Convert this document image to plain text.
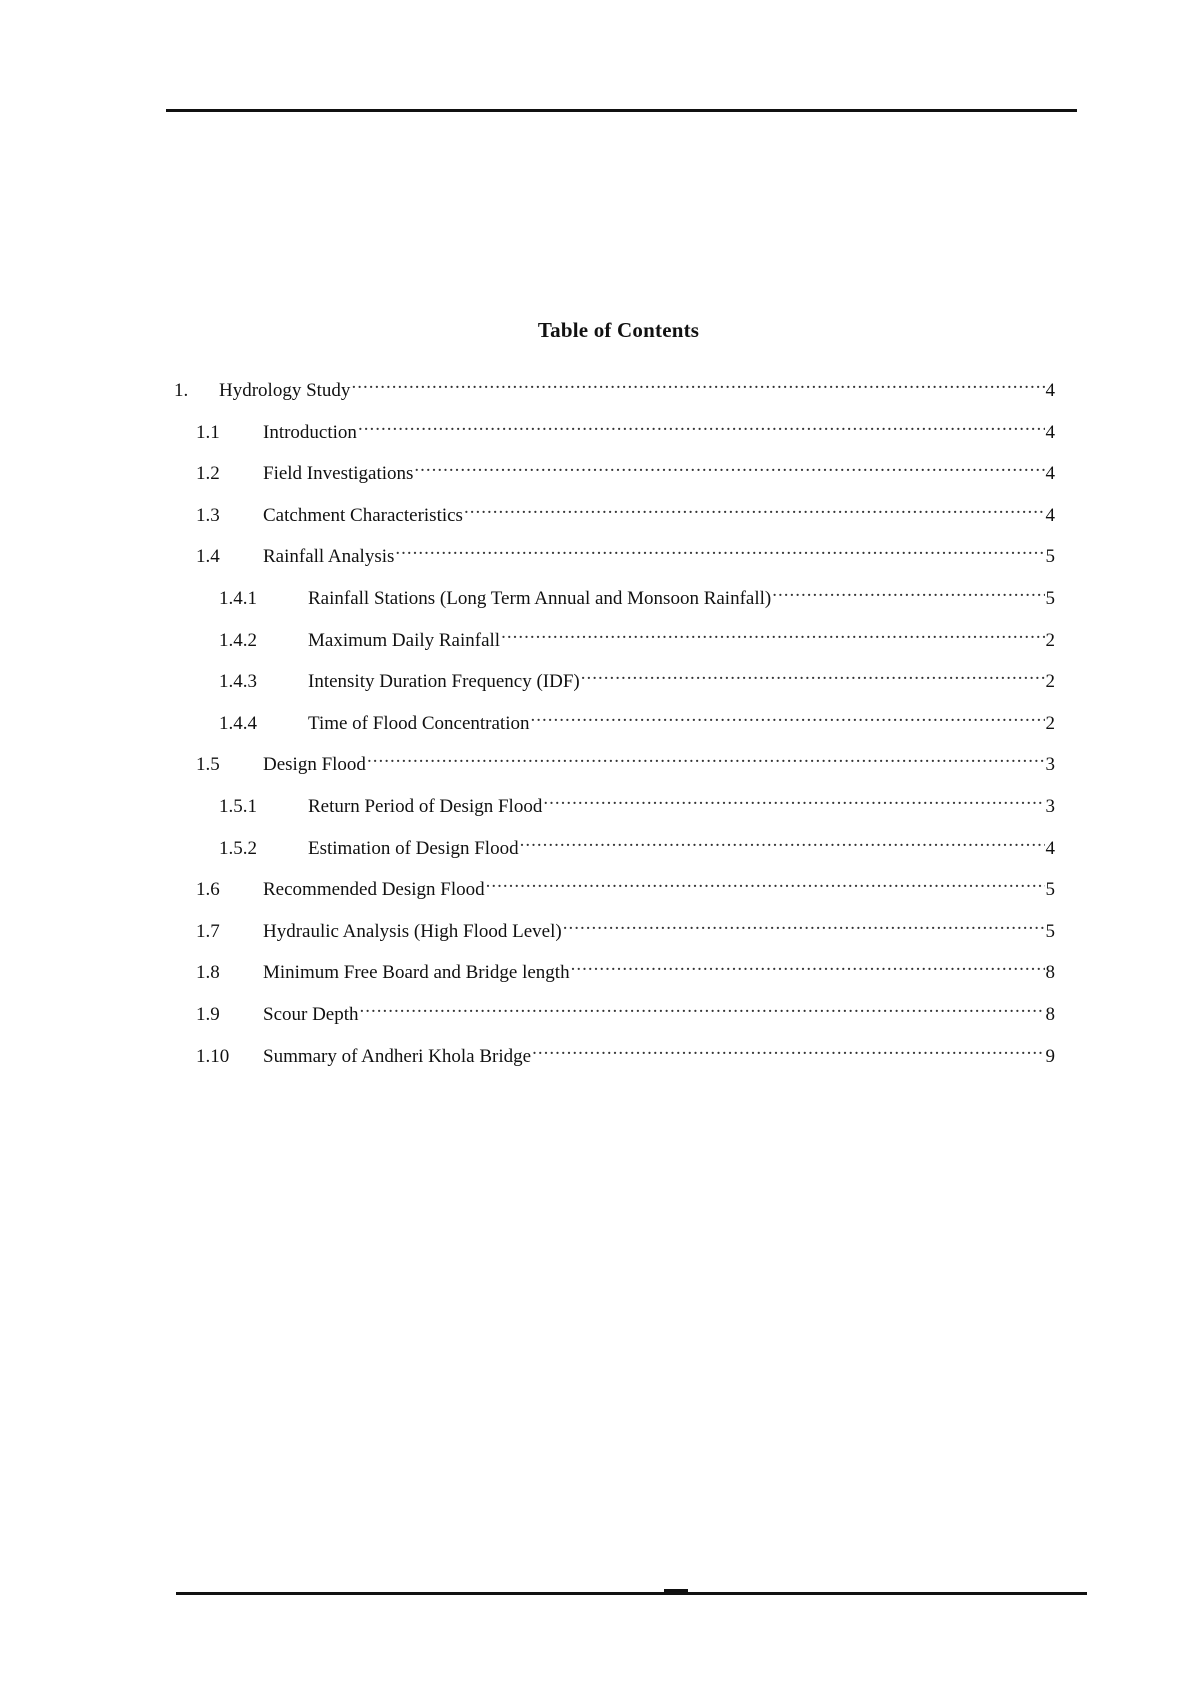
Table of Contents
1.	Hydrology Study .....	4
1.1	Introduction .....	4
1.2	Field Investigations .....	4
1.3	Catchment Characteristics .....	4
1.4	Rainfall Analysis .....	5
1.4.1	Rainfall Stations (Long Term Annual and Monsoon Rainfall) .....	5
1.4.2	Maximum Daily Rainfall .....	2
1.4.3	Intensity Duration Frequency (IDF) .....	2
1.4.4	Time of Flood Concentration .....	2
1.5	Design Flood .....	3
1.5.1	Return Period of Design Flood .....	3
1.5.2	Estimation of Design Flood .....	4
1.6	Recommended Design Flood .....	5
1.7	Hydraulic Analysis (High Flood Level) .....	5
1.8	Minimum Free Board and Bridge length .....	8
1.9	Scour Depth .....	8
1.10	Summary of Andheri Khola Bridge .....	9
